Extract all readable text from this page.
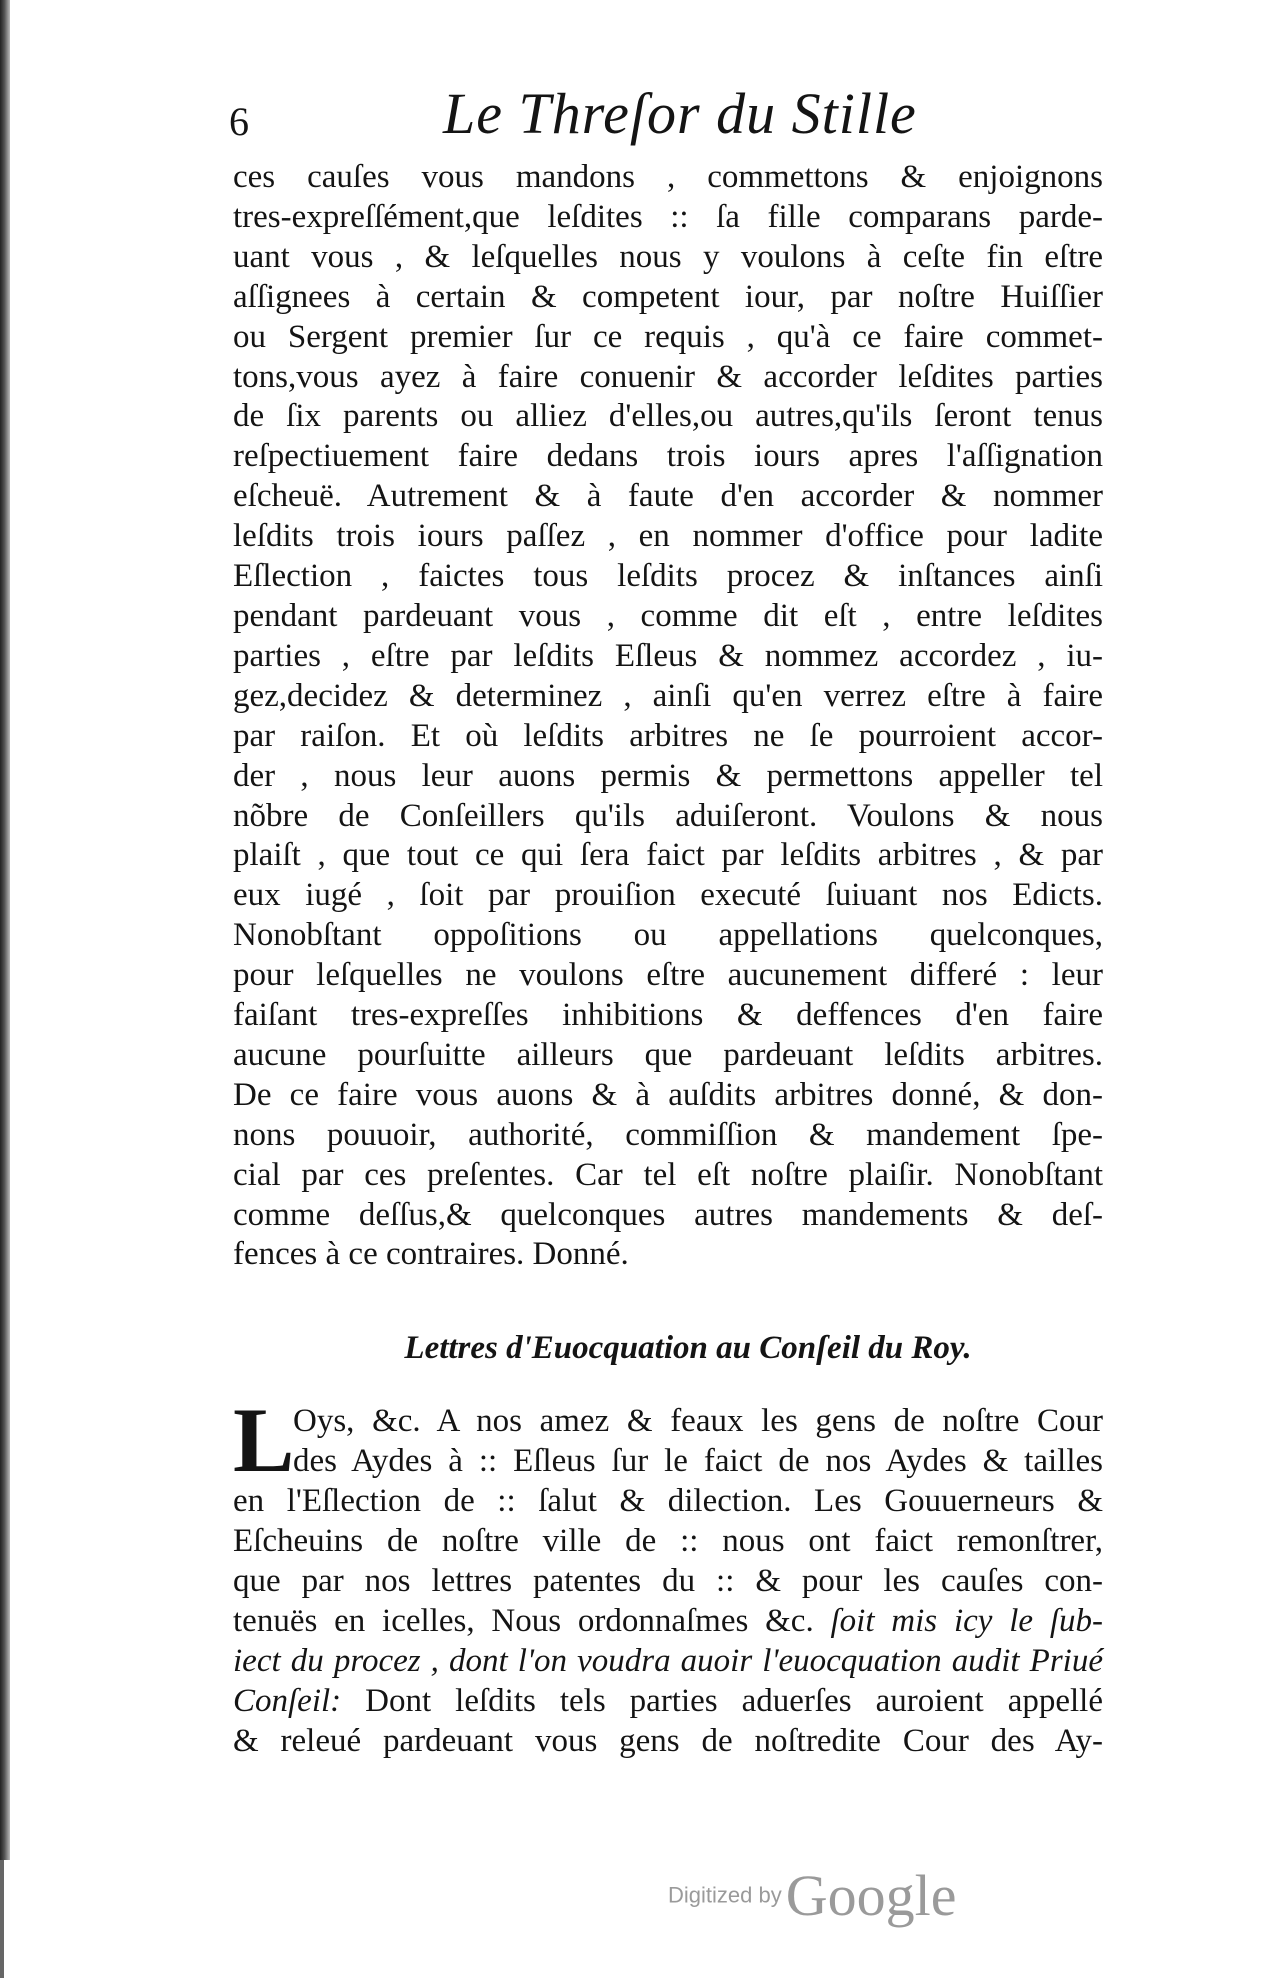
6	Le Threſor du Stille
ces cauſes vous mandons , commettons & enjoignons
tres-expreſſément,que leſdites :: ſa fille comparans parde-
uant vous , & leſquelles nous y voulons à ceſte fin eſtre
aſſignees à certain & competent iour, par noſtre Huiſſier
ou Sergent premier ſur ce requis , qu'à ce faire commet-
tons,vous ayez à faire conuenir & accorder leſdites parties
de ſix parents ou alliez d'elles,ou autres,qu'ils ſeront tenus
reſpectiuement faire dedans trois iours apres l'aſſignation
eſcheuë. Autrement & à faute d'en accorder & nommer
leſdits trois iours paſſez , en nommer d'office pour ladite
Eſlection , faictes tous leſdits procez & inſtances ainſi
pendant pardeuant vous , comme dit eſt , entre leſdites
parties , eſtre par leſdits Eſleus & nommez accordez , iu-
gez,decidez & determinez , ainſi qu'en verrez eſtre à faire
par raiſon. Et où leſdits arbitres ne ſe pourroient accor-
der , nous leur auons permis & permettons appeller tel
nõbre de Conſeillers qu'ils aduiſeront. Voulons & nous
plaiſt , que tout ce qui ſera faict par leſdits arbitres , & par
eux iugé , ſoit par prouiſion executé ſuiuant nos Edicts.
Nonobſtant oppoſitions ou appellations quelconques,
pour leſquelles ne voulons eſtre aucunement differé : leur
faiſant tres-expreſſes inhibitions & deffences d'en faire
aucune pourſuitte ailleurs que pardeuant leſdits arbitres.
De ce faire vous auons & à auſdits arbitres donné, & don-
nons pouuoir, authorité, commiſſion & mandement ſpe-
cial par ces preſentes. Car tel eſt noſtre plaiſir. Nonobſtant
comme deſſus,& quelconques autres mandements & deſ-
fences à ce contraires. Donné.
Lettres d'Euocquation au Conſeil du Roy.
L
Oys, &c. A nos amez & feaux les gens de noſtre Cour
des Aydes à :: Eſleus ſur le faict de nos Aydes & tailles
en l'Eſlection de :: ſalut & dilection. Les Gouuerneurs &
Eſcheuins de noſtre ville de :: nous ont faict remonſtrer,
que par nos lettres patentes du :: & pour les cauſes con-
tenuës en icelles, Nous ordonnaſmes &c. ſoit mis icy le ſub-
iect du procez , dont l'on voudra auoir l'euocquation audit Priué
Conſeil: Dont leſdits tels parties aduerſes auroient appellé
& releué pardeuant vous gens de noſtredite Cour des Ay-
Digitized byGoogle
